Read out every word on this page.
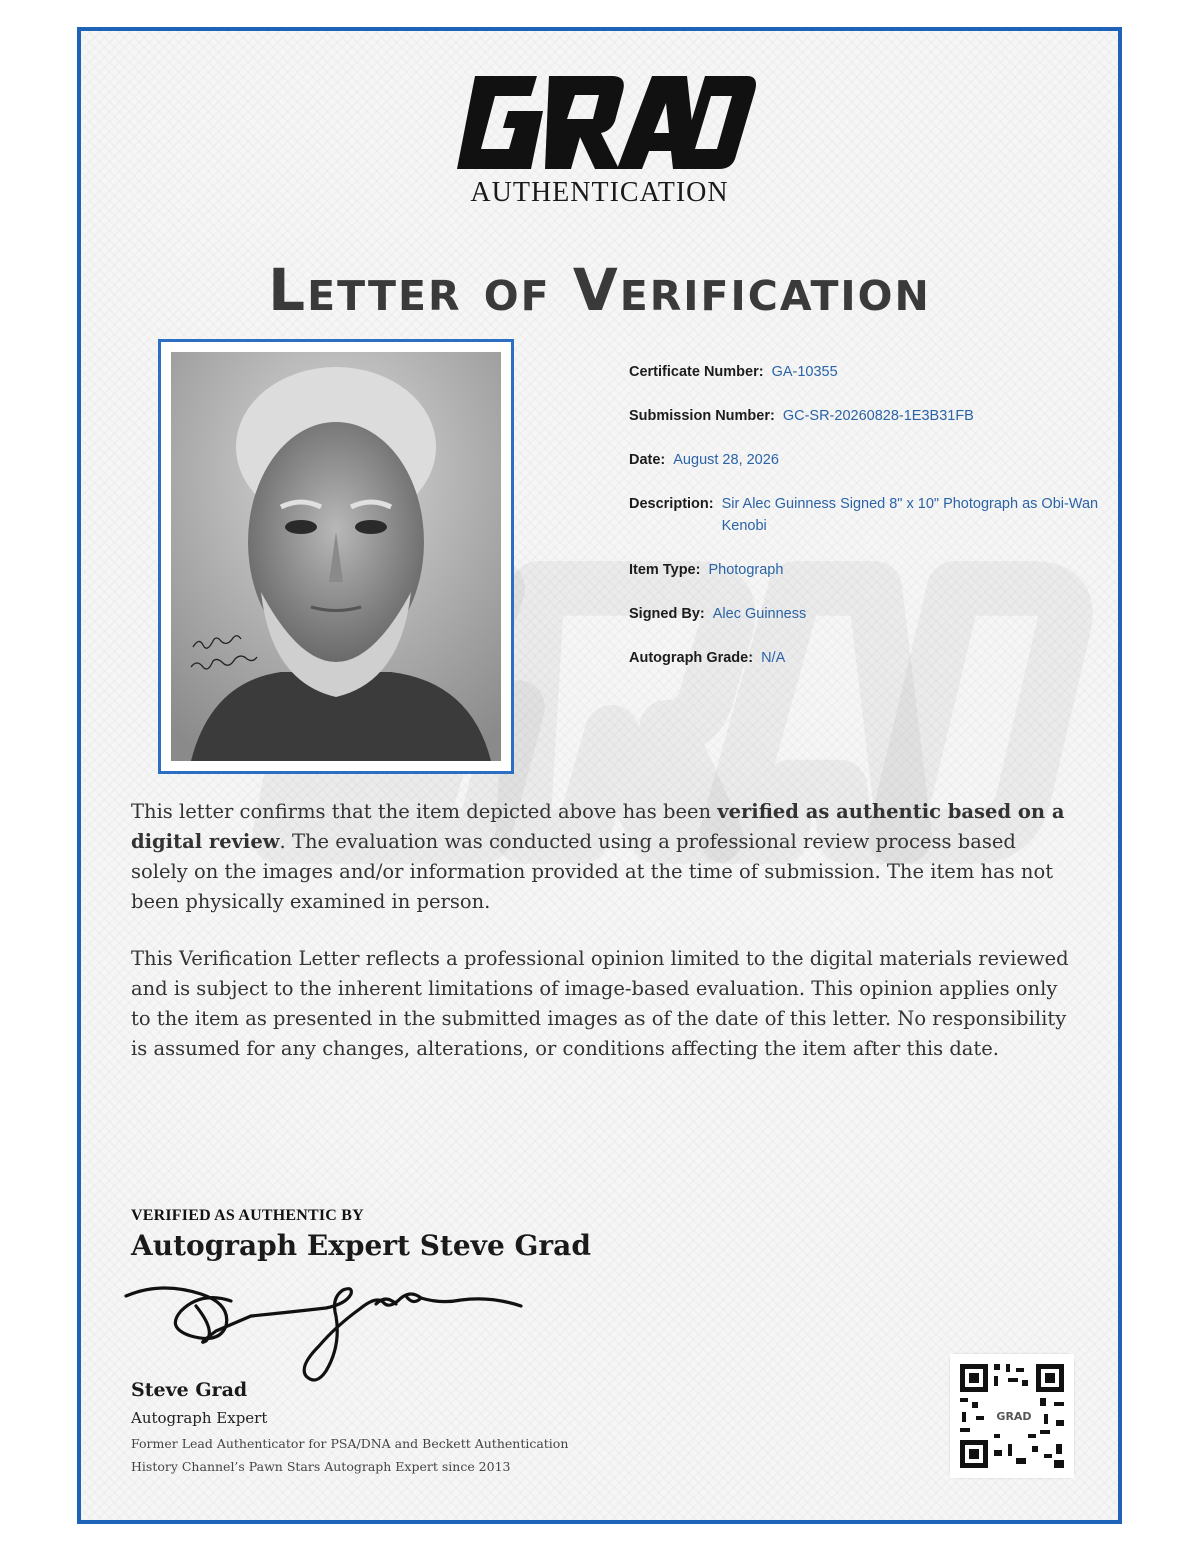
AUTHENTICATION
Letter of Verification
Certificate Number: GA-10355
Submission Number: GC-SR-20260828-1E3B31FB
Date: August 28, 2026
Description: Sir Alec Guinness Signed 8" x 10" Photograph as Obi-Wan Kenobi
Item Type: Photograph
Signed By: Alec Guinness
Autograph Grade: N/A
This letter confirms that the item depicted above has been verified as authentic based on a digital review. The evaluation was conducted using a professional review process based solely on the images and/or information provided at the time of submission. The item has not been physically examined in person.
This Verification Letter reflects a professional opinion limited to the digital materials reviewed and is subject to the inherent limitations of image-based evaluation. This opinion applies only to the item as presented in the submitted images as of the date of this letter. No responsibility is assumed for any changes, alterations, or conditions affecting the item after this date.
VERIFIED AS AUTHENTIC BY
Autograph Expert Steve Grad
Steve Grad
Autograph Expert
Former Lead Authenticator for PSA/DNA and Beckett Authentication
History Channel’s Pawn Stars Autograph Expert since 2013
GRAD
